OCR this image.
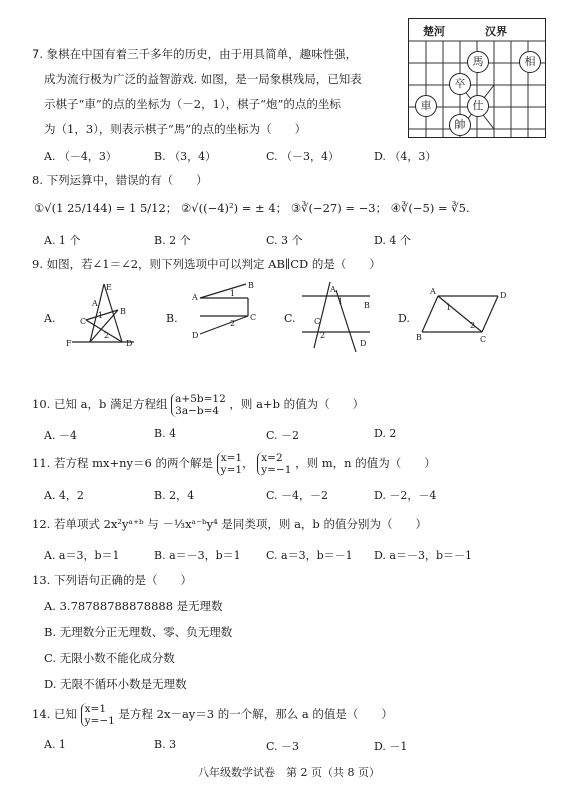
楚河	汉界
馬	相
卒
車	仕
帥
7. 象棋在中国有着三千多年的历史，由于用具简单，趣味性强，
成为流行极为广泛的益智游戏. 如图，是一局象棋残局，已知表
示棋子“車”的点的坐标为（－2，1），棋子“炮”的点的坐标
为（1，3），则表示棋子“馬”的点的坐标为（　　）
A. （－4，3）	B. （3，4）	C. （－3，4）	D. （4，3）
8. 下列运算中，错误的有（　　）
①√(1 25/144) = 1 5/12； ②√((−4)²) = ± 4； ③∛(−27) = −3； ④∛(−5) = ∛5.
A. 1 个	B. 2 个	C. 3 个	D. 4 个
9. 如图，若∠1＝∠2，则下列选项中可以判定 AB∥CD 的是（　　）
A.
E
A
C
B
F	D
1
2
B.
A
B
C
D
1
2	C.
A
B
C
D
1
2
D.
A	D
B	C
1
2
10. 已知 a，b 满足方程组 a+5b=12
3a−b=4 ，则 a+b 的值为（　　）
A. －4	B. 4	C. －2	D. 2
11. 若方程 mx+ny＝6 的两个解是 x=1
y=1 ， x=2
y=−1 ，则 m，n 的值为（　　）
A. 4，2	B. 2，4	C. －4，－2	D. －2，－4
12. 若单项式 2x²yᵃ⁺ᵇ 与 －⅓xᵃ⁻ᵇy⁴ 是同类项，则 a，b 的值分别为（　　）
A. a＝3，b＝1	B. a＝－3，b＝1 C. a＝3，b＝－1 D. a＝－3，b＝－1
13. 下列语句正确的是（　　）
A. 3.78788788878888 是无理数
B. 无理数分正无理数、零、负无理数
C. 无限小数不能化成分数
D. 无限不循环小数是无理数
14. 已知 x=1
y=−1 是方程 2x－ay＝3 的一个解，那么 a 的值是（　　）
A. 1	B. 3	C. －3	D. －1
八年级数学试卷　第 2 页（共 8 页）
